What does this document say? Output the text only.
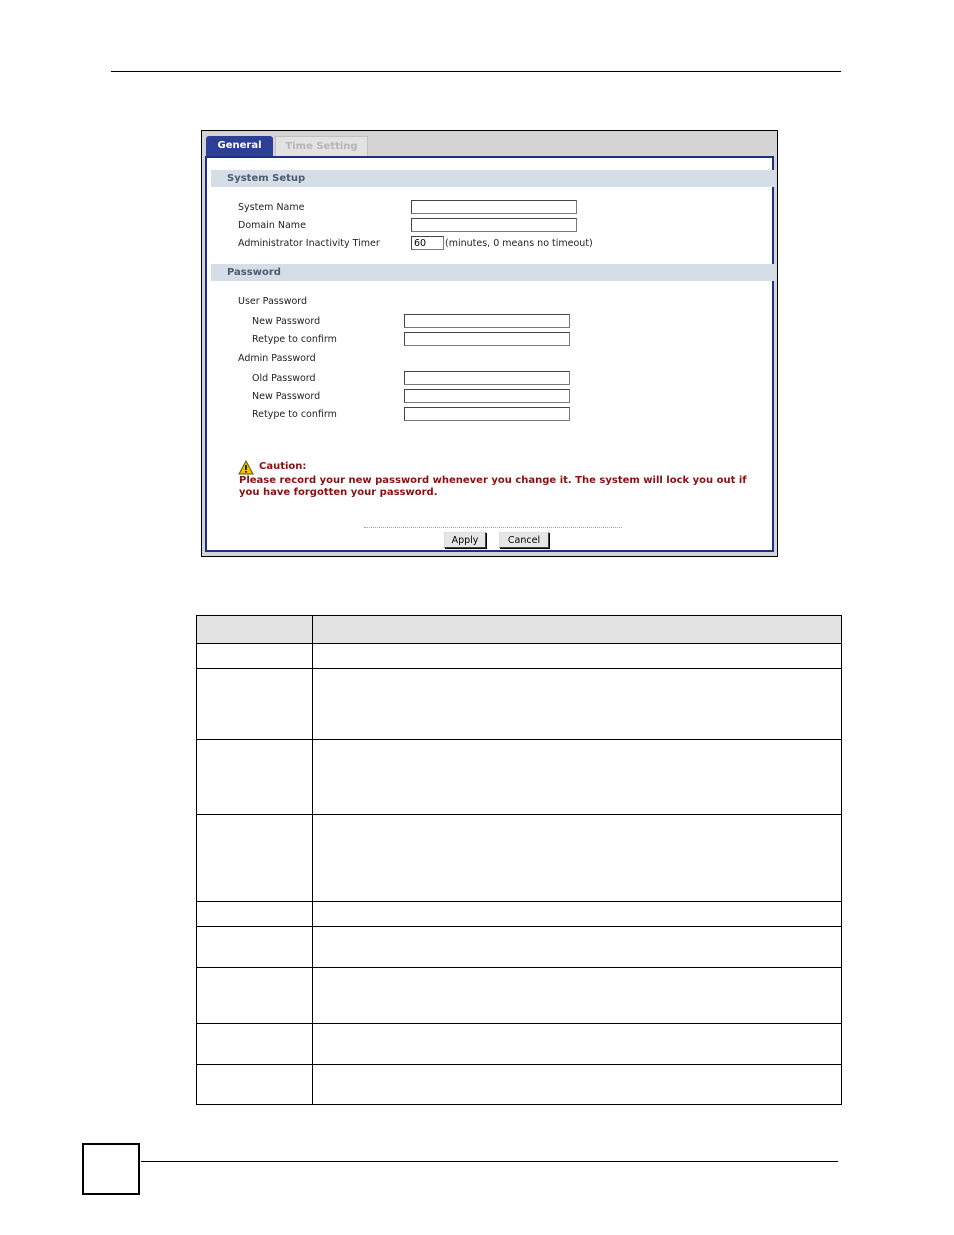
General	Time Setting
System Setup
System Name
Domain Name
Administrator Inactivity Timer
60	(minutes, 0 means no timeout)
Password
User Password
New Password
Retype to confirm
Admin Password
Old Password
New Password
Retype to confirm
Caution:
Please record your new password whenever you change it. The system will lock you out if you have forgotten your password.
Apply	Cancel
